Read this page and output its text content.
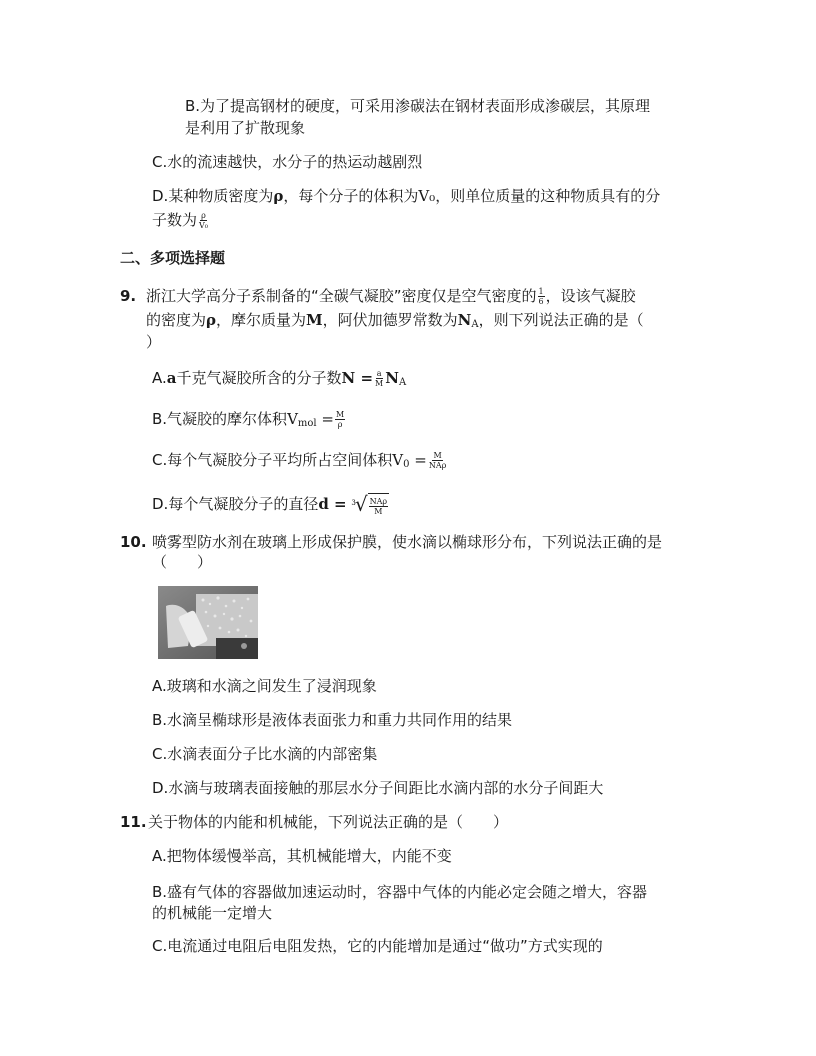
B.为了提高钢材的硬度，可采用渗碳法在钢材表面形成渗碳层，其原理
是利用了扩散现象
C.水的流速越快，水分子的热运动越剧烈
D.某种物质密度为ρ，每个分子的体积为V₀，则单位质量的这种物质具有的分
子数为 $\frac{\rho}{\text{V₀}}$
二、多项选择题
9. 浙江大学高分子系制备的“全碳气凝胶”密度仅是空气密度的 $\frac{1}{6}$ ，设该气凝胶
的密度为ρ，摩尔质量为M，阿伏加德罗常数为$N_A$，则下列说法正确的是（
）
A.a千克气凝胶所含的分子数$N = \frac{a}{M} N_A$
B.气凝胶的摩尔体积$V_{mol} = \frac{M}{\rho}$
C.每个气凝胶分子平均所占空间体积$V_0 = \frac{M}{\text{NAρ}}$
D.每个气凝胶分子的直径d = 3 √ $\frac{\text{NAρ}}{M}$
10. 喷雾型防水剂在玻璃上形成保护膜，使水滴以椭球形分布，下列说法正确的是
（　　）
A.玻璃和水滴之间发生了浸润现象
B.水滴呈椭球形是液体表面张力和重力共同作用的结果
C.水滴表面分子比水滴的内部密集
D.水滴与玻璃表面接触的那层水分子间距比水滴内部的水分子间距大
11. 关于物体的内能和机械能，下列说法正确的是（　　）
A.把物体缓慢举高，其机械能增大，内能不变
B.盛有气体的容器做加速运动时，容器中气体的内能必定会随之增大，容器
的机械能一定增大
C.电流通过电阻后电阻发热，它的内能增加是通过“做功”方式实现的
